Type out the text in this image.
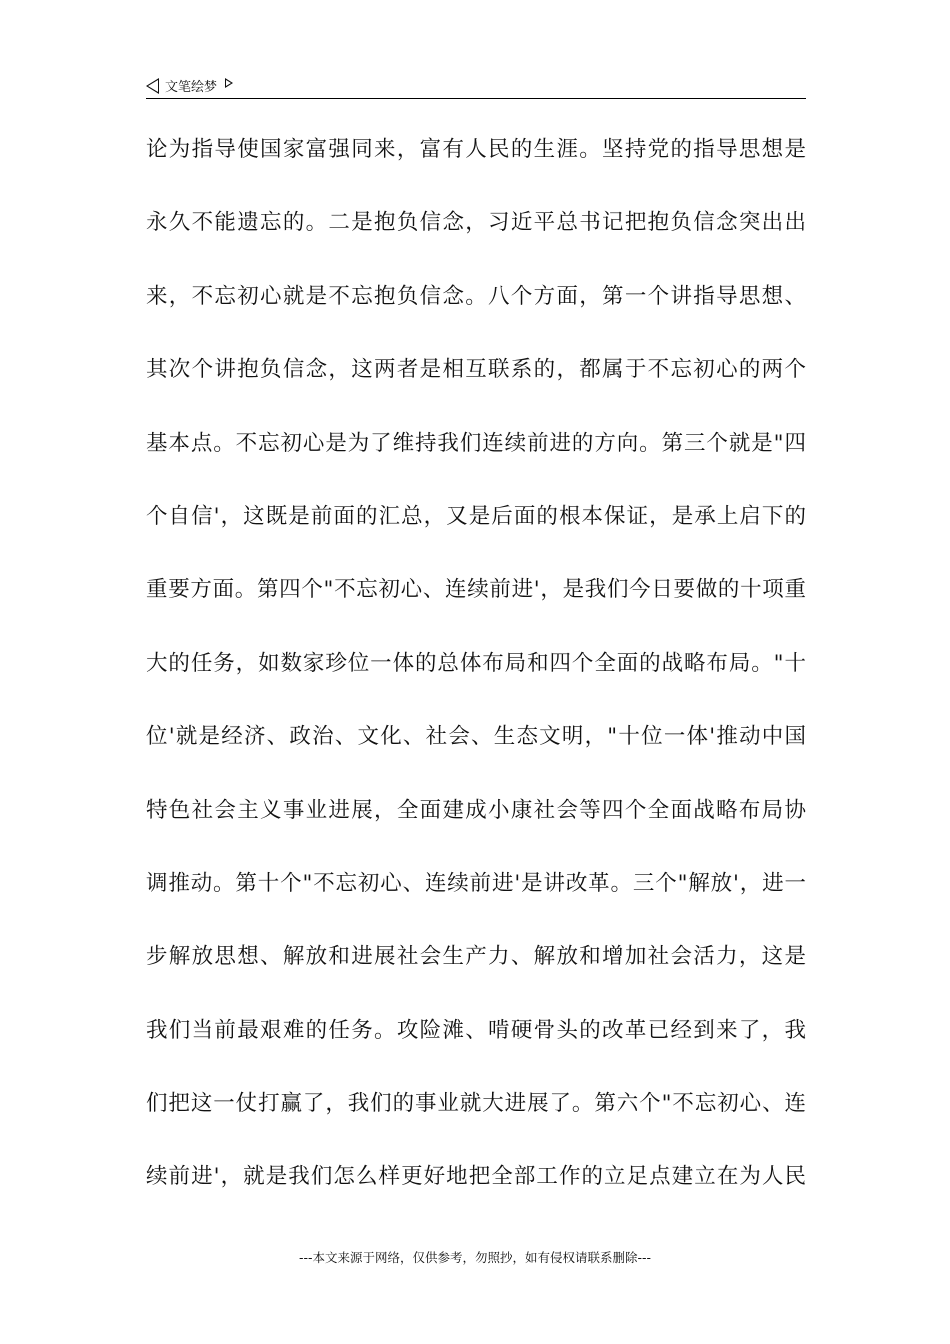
文笔绘梦
论为指导使国家富强同来，富有人民的生涯。坚持党的指导思想是
永久不能遗忘的。二是抱负信念，习近平总书记把抱负信念突出出
来，不忘初心就是不忘抱负信念。八个方面，第一个讲指导思想、
其次个讲抱负信念，这两者是相互联系的，都属于不忘初心的两个
基本点。不忘初心是为了维持我们连续前进的方向。第三个就是"四
个自信'，这既是前面的汇总，又是后面的根本保证，是承上启下的
重要方面。第四个"不忘初心、连续前进'，是我们今日要做的十项重
大的任务，如数家珍位一体的总体布局和四个全面的战略布局。"十
位'就是经济、政治、文化、社会、生态文明，"十位一体'推动中国
特色社会主义事业进展，全面建成小康社会等四个全面战略布局协
调推动。第十个"不忘初心、连续前进'是讲改革。三个"解放'，进一
步解放思想、解放和进展社会生产力、解放和增加社会活力，这是
我们当前最艰难的任务。攻险滩、啃硬骨头的改革已经到来了，我
们把这一仗打赢了，我们的事业就大进展了。第六个"不忘初心、连
续前进'，就是我们怎么样更好地把全部工作的立足点建立在为人民
---本文来源于网络，仅供参考，勿照抄，如有侵权请联系删除---
